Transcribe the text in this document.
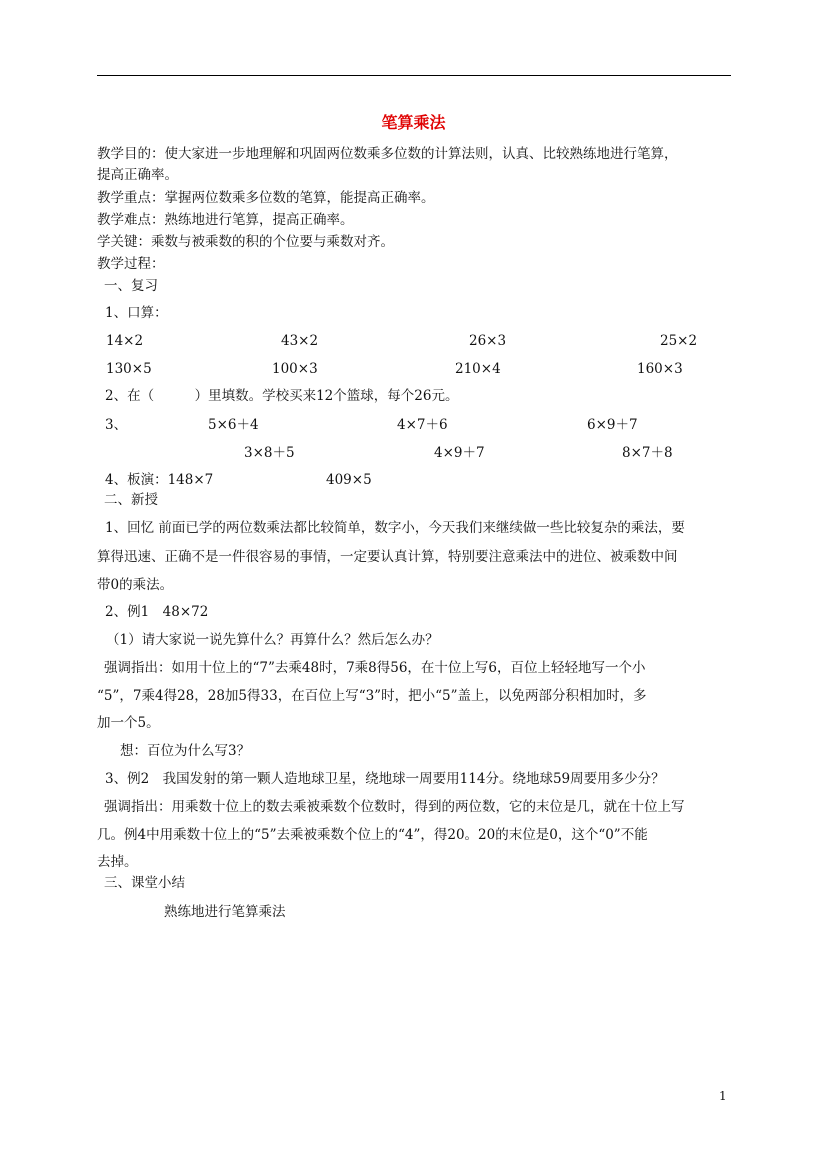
笔算乘法
教学目的：使大家进一步地理解和巩固两位数乘多位数的计算法则，认真、比较熟练地进行笔算，
提高正确率。
教学重点：掌握两位数乘多位数的笔算，能提高正确率。
教学难点：熟练地进行笔算，提高正确率。
学关键：乘数与被乘数的积的个位要与乘数对齐。
教学过程：
一、复习
1、口算：
14×2	43×2	26×3	25×2
130×5	100×3	210×4	160×3
2、在（　　　）里填数。学校买来12个篮球，每个26元。
3、	5×6＋4	4×7＋6	6×9＋7
3×8＋5	4×9＋7	8×7＋8
4、板演：148×7	409×5
二、新授
1、回忆 前面已学的两位数乘法都比较简单，数字小，今天我们来继续做一些比较复杂的乘法，要
算得迅速、正确不是一件很容易的事情，一定要认真计算，特别要注意乘法中的进位、被乘数中间
带0的乘法。
2、例1　48×72
（1）请大家说一说先算什么？再算什么？然后怎么办？
强调指出：如用十位上的“7”去乘48时，7乘8得56，在十位上写6，百位上轻轻地写一个小
“5”，7乘4得28，28加5得33，在百位上写“3”时，把小“5”盖上，以免两部分积相加时，多
加一个5。
想：百位为什么写3？
3、例2　我国发射的第一颗人造地球卫星，绕地球一周要用114分。绕地球59周要用多少分？
强调指出：用乘数十位上的数去乘被乘数个位数时，得到的两位数，它的末位是几，就在十位上写
几。例4中用乘数十位上的“5”去乘被乘数个位上的“4”，得20。20的末位是0，这个“0”不能
去掉。
三、课堂小结
熟练地进行笔算乘法
1
